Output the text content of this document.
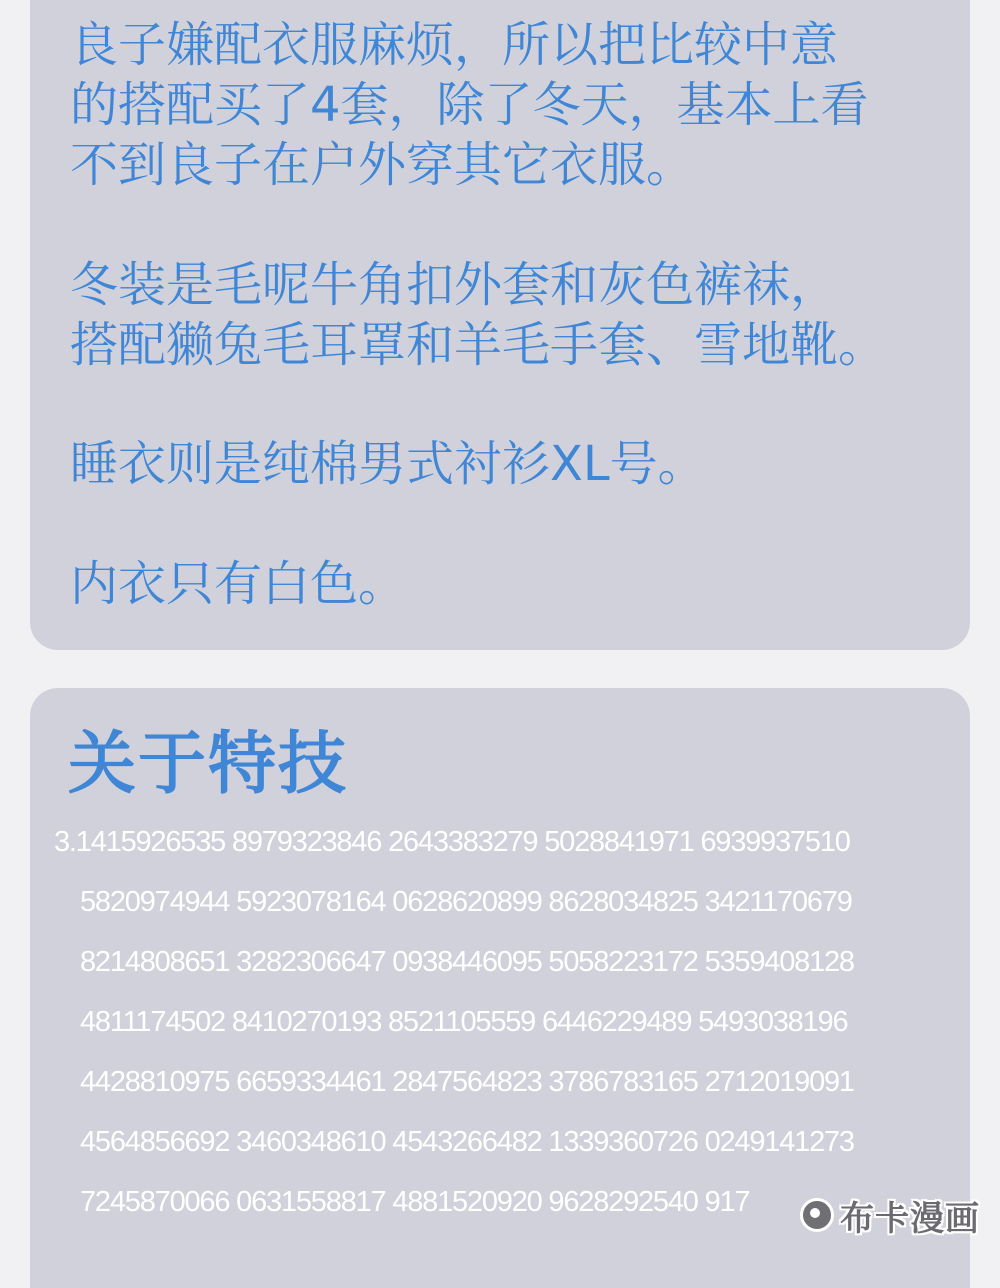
良子嫌配衣服麻烦，所以把比较中意
的搭配买了4套，除了冬天，基本上看
不到良子在户外穿其它衣服。

冬装是毛呢牛角扣外套和灰色裤袜，
搭配獭兔毛耳罩和羊毛手套、雪地靴。

睡衣则是纯棉男式衬衫XL号。

内衣只有白色。

关于特技
3.1415926535 8979323846 2643383279 5028841971 6939937510
5820974944 5923078164 0628620899 8628034825 3421170679
8214808651 3282306647 0938446095 5058223172 5359408128
4811174502 8410270193 8521105559 6446229489 5493038196
4428810975 6659334461 2847564823 3786783165 2712019091
4564856692 3460348610 4543266482 1339360726 0249141273
7245870066 0631558817 4881520920 9628292540 917	布卡漫画
